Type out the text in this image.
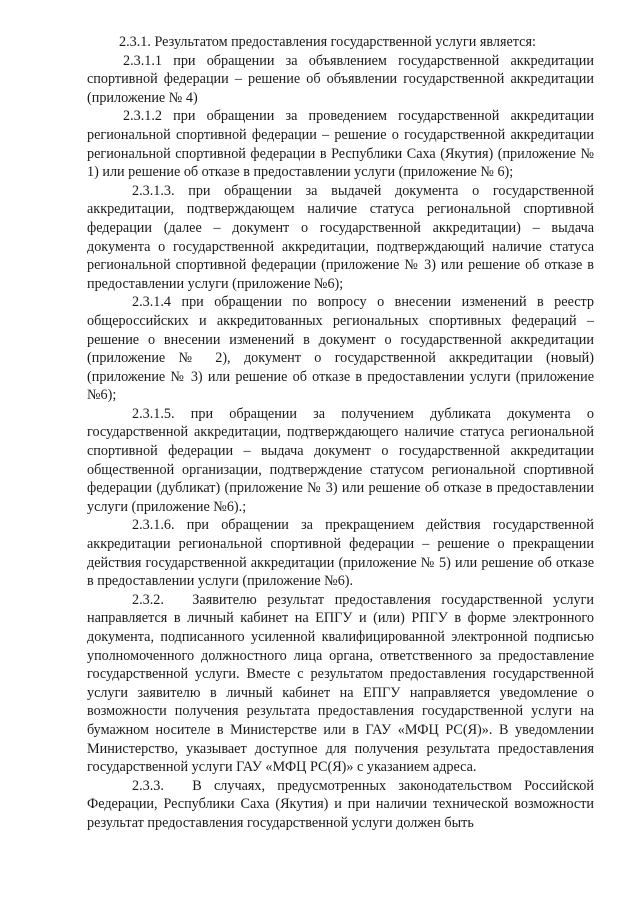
2.3.1. Результатом предоставления государственной услуги является:

2.3.1.1 при обращении за объявлением государственной аккредитации спортивной федерации – решение об объявлении государственной аккредитации (приложение № 4)

2.3.1.2 при обращении за проведением государственной аккредитации региональной спортивной федерации – решение о государственной аккредитации региональной спортивной федерации в Республики Саха (Якутия) (приложение № 1) или решение об отказе в предоставлении услуги (приложение № 6);

2.3.1.3. при обращении за выдачей документа о государственной аккредитации, подтверждающем наличие статуса региональной спортивной федерации (далее – документ о государственной аккредитации) – выдача документа о государственной аккредитации, подтверждающий наличие статуса региональной спортивной федерации (приложение № 3) или решение об отказе в предоставлении услуги (приложение №6);

2.3.1.4 при обращении по вопросу о внесении изменений в реестр общероссийских и аккредитованных региональных спортивных федераций – решение о внесении изменений в документ о государственной аккредитации (приложение № 2), документ о государственной аккредитации (новый) (приложение № 3) или решение об отказе в предоставлении услуги (приложение №6);

2.3.1.5. при обращении за получением дубликата документа о государственной аккредитации, подтверждающего наличие статуса региональной спортивной федерации – выдача документ о государственной аккредитации общественной организации, подтверждение статусом региональной спортивной федерации (дубликат) (приложение № 3) или решение об отказе в предоставлении услуги (приложение №6).;

2.3.1.6. при обращении за прекращением действия государственной аккредитации региональной спортивной федерации – решение о прекращении действия государственной аккредитации (приложение № 5) или решение об отказе в предоставлении услуги (приложение №6).

2.3.2.  Заявителю результат предоставления государственной услуги направляется в личный кабинет на ЕПГУ и (или) РПГУ в форме электронного документа, подписанного усиленной квалифицированной электронной подписью уполномоченного должностного лица органа, ответственного за предоставление государственной услуги. Вместе с результатом предоставления государственной услуги заявителю в личный кабинет на ЕПГУ направляется уведомление о возможности получения результата предоставления государственной услуги на бумажном носителе в Министерстве или в ГАУ «МФЦ РС(Я)». В уведомлении Министерство, указывает доступное для получения результата предоставления государственной услуги ГАУ «МФЦ РС(Я)» с указанием адреса.

2.3.3.  В случаях, предусмотренных законодательством Российской Федерации, Республики Саха (Якутия) и при наличии технической возможности результат предоставления государственной услуги должен быть
